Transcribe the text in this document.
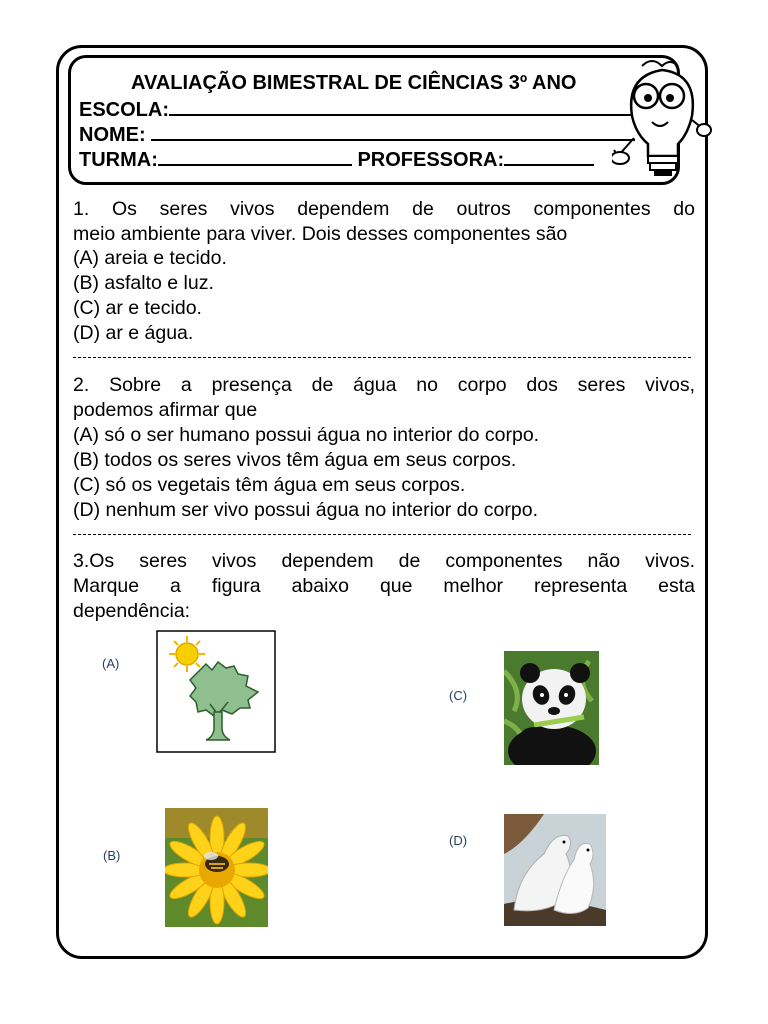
AVALIAÇÃO BIMESTRAL DE CIÊNCIAS 3º ANO
ESCOLA:
NOME:
TURMA:	PROFESSORA:
1. Os seres vivos dependem de outros componentes do
meio ambiente para viver. Dois desses componentes são
(A) areia e tecido.
(B) asfalto e luz.
(C) ar e tecido.
(D) ar e água.
2. Sobre a presença de água no corpo dos seres vivos,
podemos afirmar que
(A) só o ser humano possui água no interior do corpo.
(B) todos os seres vivos têm água em seus corpos.
(C) só os vegetais têm água em seus corpos.
(D) nenhum ser vivo possui água no interior do corpo.
3.Os seres vivos dependem de componentes não vivos.
Marque a figura abaixo que melhor representa esta
dependência:
(A)
(C)
(B)
(D)
